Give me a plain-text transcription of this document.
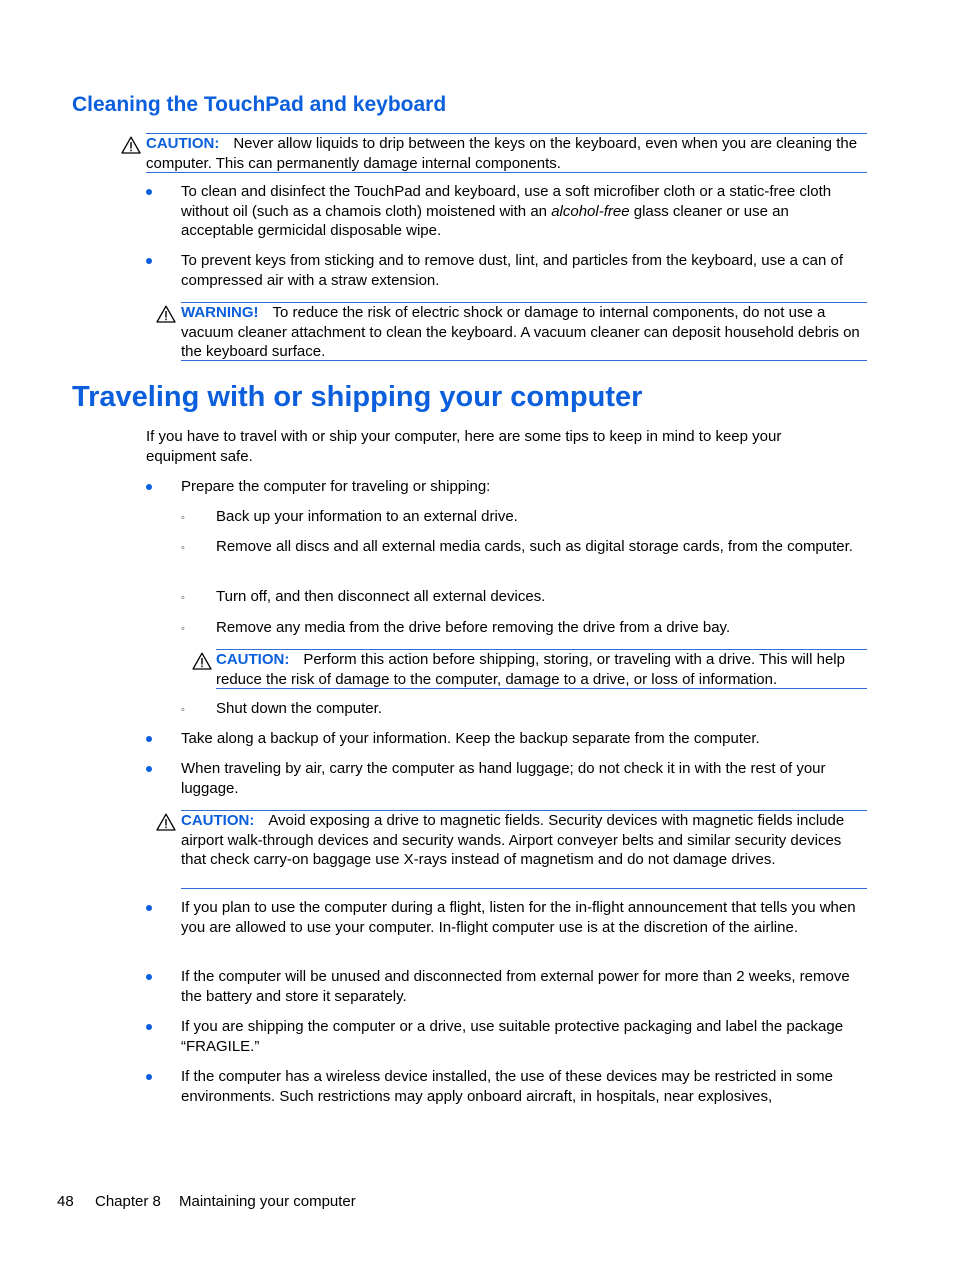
Cleaning the TouchPad and keyboard
CAUTION: Never allow liquids to drip between the keys on the keyboard, even when you are cleaning the computer. This can permanently damage internal components.
To clean and disinfect the TouchPad and keyboard, use a soft microfiber cloth or a static-free cloth without oil (such as a chamois cloth) moistened with an alcohol-free glass cleaner or use an acceptable germicidal disposable wipe.
To prevent keys from sticking and to remove dust, lint, and particles from the keyboard, use a can of compressed air with a straw extension.
WARNING! To reduce the risk of electric shock or damage to internal components, do not use a vacuum cleaner attachment to clean the keyboard. A vacuum cleaner can deposit household debris on the keyboard surface.
Traveling with or shipping your computer
If you have to travel with or ship your computer, here are some tips to keep in mind to keep your equipment safe.
Prepare the computer for traveling or shipping:
◦ Back up your information to an external drive.
◦ Remove all discs and all external media cards, such as digital storage cards, from the computer.
◦ Turn off, and then disconnect all external devices.
◦ Remove any media from the drive before removing the drive from a drive bay.
CAUTION: Perform this action before shipping, storing, or traveling with a drive. This will help reduce the risk of damage to the computer, damage to a drive, or loss of information.
◦ Shut down the computer.
Take along a backup of your information. Keep the backup separate from the computer.
When traveling by air, carry the computer as hand luggage; do not check it in with the rest of your luggage.
CAUTION: Avoid exposing a drive to magnetic fields. Security devices with magnetic fields include airport walk-through devices and security wands. Airport conveyer belts and similar security devices that check carry-on baggage use X-rays instead of magnetism and do not damage drives.
If you plan to use the computer during a flight, listen for the in-flight announcement that tells you when you are allowed to use your computer. In-flight computer use is at the discretion of the airline.
If the computer will be unused and disconnected from external power for more than 2 weeks, remove the battery and store it separately.
If you are shipping the computer or a drive, use suitable protective packaging and label the package “FRAGILE.”
If the computer has a wireless device installed, the use of these devices may be restricted in some environments. Such restrictions may apply onboard aircraft, in hospitals, near explosives,
48 Chapter 8 Maintaining your computer
